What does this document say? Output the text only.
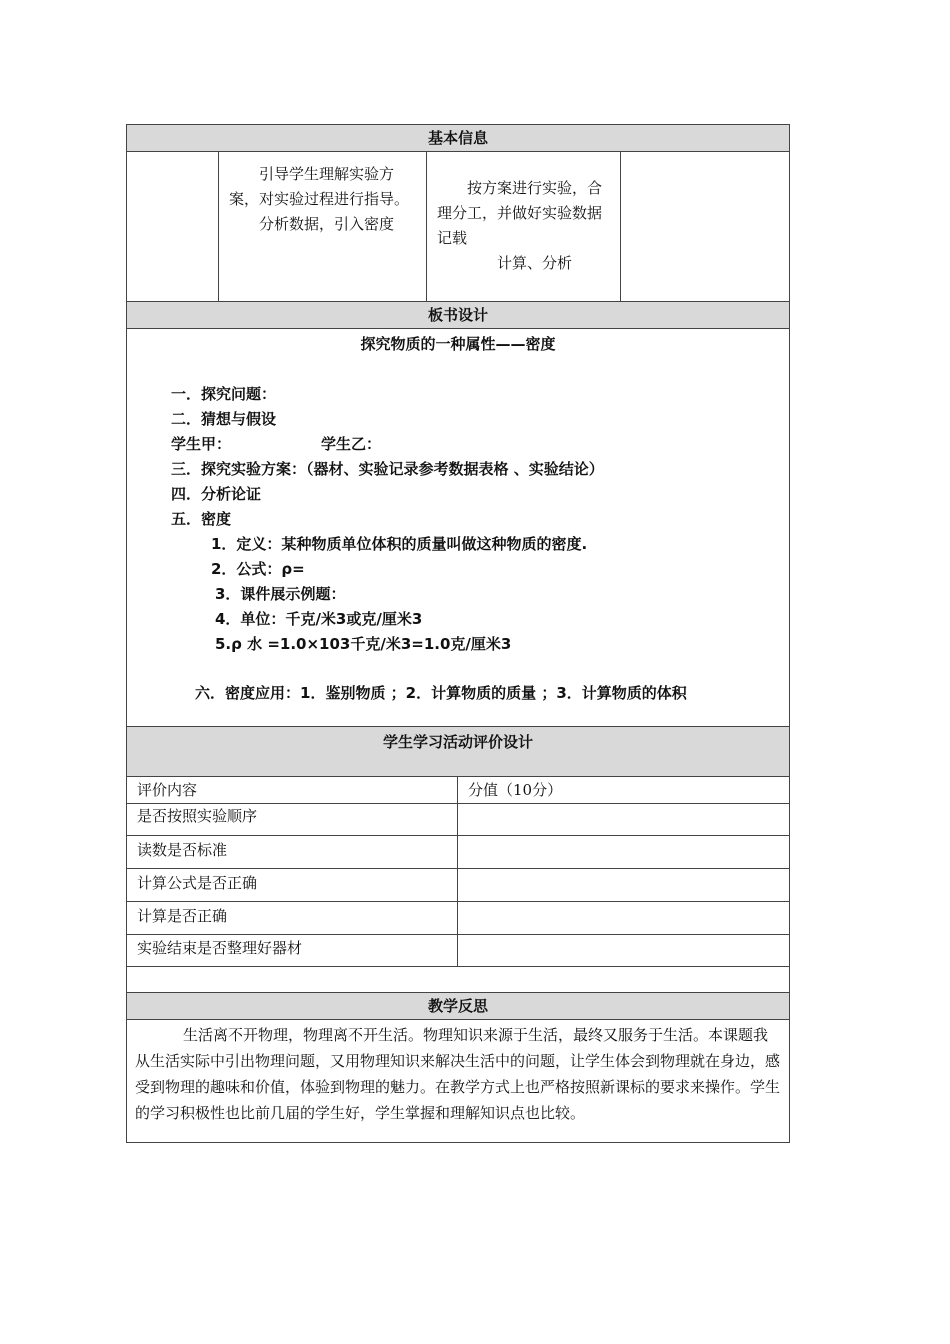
基本信息
引导学生理解实验方案，对实验过程进行指导。
分析数据，引入密度
按方案进行实验，合理分工，并做好实验数据记载
计算、分析
板书设计
探究物质的一种属性——密度
一．探究问题：
二．猜想与假设
学生甲：	学生乙：
三．探究实验方案：（器材、实验记录参考数据表格 、实验结论）
四．分析论证
五．密度
1．定义：某种物质单位体积的质量叫做这种物质的密度.
2．公式：ρ=
3．课件展示例题：
4．单位：千克/米3或克/厘米3
5.ρ 水 =1.0×103千克/米3=1.0克/厘米3
六．密度应用：1．鉴别物质 ；2．计算物质的质量 ；3．计算物质的体积
学生学习活动评价设计
评价内容	分值（10分）
是否按照实验顺序
读数是否标准
计算公式是否正确
计算是否正确
实验结束是否整理好器材
教学反思
生活离不开物理，物理离不开生活。物理知识来源于生活，最终又服务于生活。本课题我从生活实际中引出物理问题，又用物理知识来解决生活中的问题，让学生体会到物理就在身边，感受到物理的趣味和价值，体验到物理的魅力。在教学方式上也严格按照新课标的要求来操作。学生的学习积极性也比前几届的学生好，学生掌握和理解知识点也比较。
